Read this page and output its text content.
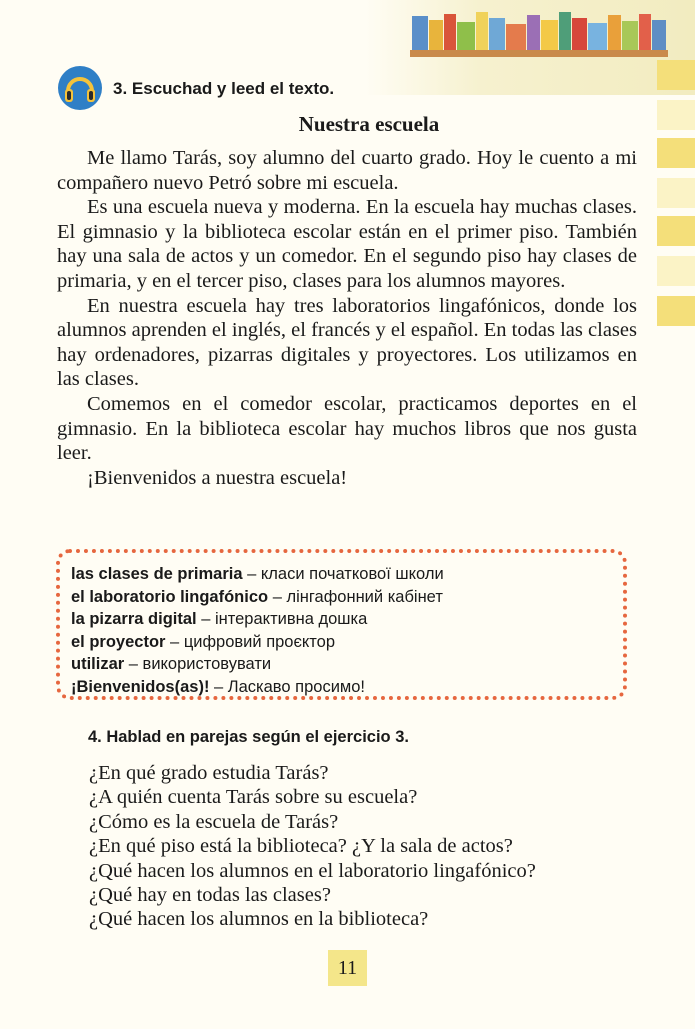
3. Escuchad y leed el texto.
Nuestra escuela

Me llamo Tarás, soy alumno del cuarto grado. Hoy le cuento a mi compañero nuevo Petró sobre mi escuela.

Es una escuela nueva y moderna. En la escuela hay muchas clases. El gimnasio y la biblioteca escolar están en el primer piso. También hay una sala de actos y un comedor. En el segundo piso hay clases de primaria, y en el tercer piso, clases para los alumnos mayores.

En nuestra escuela hay tres laboratorios lingafónicos, donde los alumnos aprenden el inglés, el francés y el español. En todas las clases hay ordenadores, pizarras digitales y proyectores. Los utilizamos en las clases.

Comemos en el comedor escolar, practicamos deportes en el gimnasio. En la biblioteca escolar hay muchos libros que nos gusta leer.

¡Bienvenidos a nuestra escuela!

las clases de primaria – класи початкової школи
el laboratorio lingafónico – лінгафонний кабінет
la pizarra digital – інтерактивна дошка
el proyector – цифровий проєктор
utilizar – використовувати
¡Bienvenidos(as)! – Ласкаво просимо!
4. Hablad en parejas según el ejercicio 3.
¿En qué grado estudia Tarás?
¿A quién cuenta Tarás sobre su escuela?
¿Cómo es la escuela de Tarás?
¿En qué piso está la biblioteca? ¿Y la sala de actos?
¿Qué hacen los alumnos en el laboratorio lingafónico?
¿Qué hay en todas las clases?
¿Qué hacen los alumnos en la biblioteca?
11
